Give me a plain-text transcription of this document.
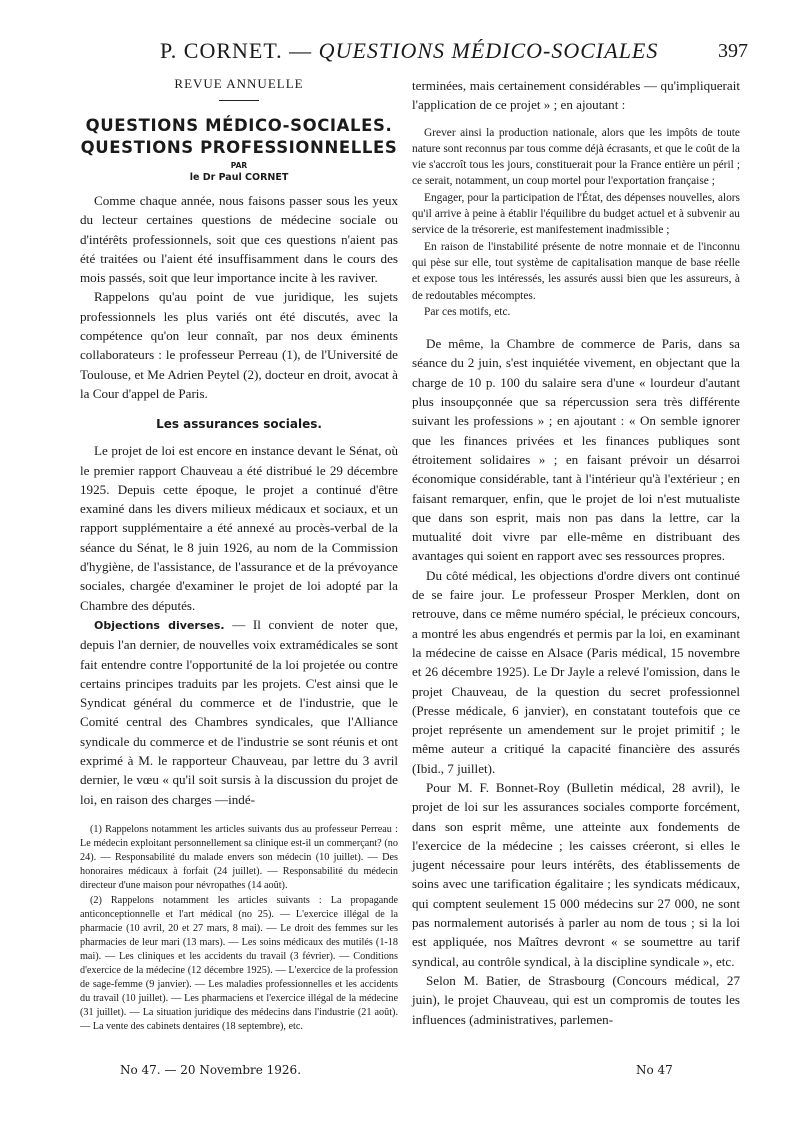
P. CORNET. — QUESTIONS MÉDICO-SOCIALES	397
REVUE ANNUELLE
QUESTIONS MÉDICO-SOCIALES. QUESTIONS PROFESSIONNELLES
PAR
le Dr Paul CORNET

Comme chaque année, nous faisons passer sous les yeux du lecteur certaines questions de médecine sociale ou d'intérêts professionnels, soit que ces questions n'aient pas été traitées ou l'aient été insuffisamment dans le cours des mois passés, soit que leur importance incite à les raviver.

Rappelons qu'au point de vue juridique, les sujets professionnels les plus variés ont été discutés, avec la compétence qu'on leur connaît, par nos deux éminents collaborateurs : le professeur Perreau (1), de l'Université de Toulouse, et Me Adrien Peytel (2), docteur en droit, avocat à la Cour d'appel de Paris.

Les assurances sociales.

Le projet de loi est encore en instance devant le Sénat, où le premier rapport Chauveau a été distribué le 29 décembre 1925. Depuis cette époque, le projet a continué d'être examiné dans les divers milieux médicaux et sociaux, et un rapport supplémentaire a été annexé au procès-verbal de la séance du Sénat, le 8 juin 1926, au nom de la Commission d'hygiène, de l'assistance, de l'assurance et de la prévoyance sociales, chargée d'examiner le projet de loi adopté par la Chambre des députés.

Objections diverses. — Il convient de noter que, depuis l'an dernier, de nouvelles voix extramédicales se sont fait entendre contre l'opportunité de la loi projetée ou contre certains principes traduits par les projets. C'est ainsi que le Syndicat général du commerce et de l'industrie, que le Comité central des Chambres syndicales, que l'Alliance syndicale du commerce et de l'industrie se sont réunis et ont exprimé à M. le rapporteur Chauveau, par lettre du 3 avril dernier, le vœu « qu'il soit sursis à la discussion du projet de loi, en raison des charges —indé-

(1) Rappelons notamment les articles suivants dus au professeur Perreau : Le médecin exploitant personnellement sa clinique est-il un commerçant? (no 24). — Responsabilité du malade envers son médecin (10 juillet). — Des honoraires médicaux à forfait (24 juillet). — Responsabilité du médecin directeur d'une maison pour névropathes (14 août).

(2) Rappelons notamment les articles suivants : La propagande anticonceptionnelle et l'art médical (no 25). — L'exercice illégal de la pharmacie (10 avril, 20 et 27 mars, 8 mai). — Le droit des femmes sur les pharmacies de leur mari (13 mars). — Les soins médicaux des mutilés (1-18 mai). — Les cliniques et les accidents du travail (3 février). — Conditions d'exercice de la médecine (12 décembre 1925). — L'exercice de la profession de sage-femme (9 janvier). — Les maladies professionnelles et les accidents du travail (10 juillet). — Les pharmaciens et l'exercice illégal de la médecine (31 juillet). — La situation juridique des médecins dans l'industrie (21 août). — La vente des cabinets dentaires (18 septembre), etc.

No 47. — 20 Novembre 1926.

terminées, mais certainement considérables — qu'impliquerait l'application de ce projet » ; en ajoutant :

Grever ainsi la production nationale, alors que les impôts de toute nature sont reconnus par tous comme déjà écrasants, et que le coût de la vie s'accroît tous les jours, constituerait pour la France entière un péril ; ce serait, notamment, un coup mortel pour l'exportation française ;

Engager, pour la participation de l'État, des dépenses nouvelles, alors qu'il arrive à peine à établir l'équilibre du budget actuel et à subvenir au service de la trésorerie, est manifestement inadmissible ;

En raison de l'instabilité présente de notre monnaie et de l'inconnu qui pèse sur elle, tout système de capitalisation manque de base réelle et expose tous les intéressés, les assurés aussi bien que les assureurs, à de redoutables mécomptes.

Par ces motifs, etc.

De même, la Chambre de commerce de Paris, dans sa séance du 2 juin, s'est inquiétée vivement, en objectant que la charge de 10 p. 100 du salaire sera d'une « lourdeur d'autant plus insoupçonnée que sa répercussion sera très différente suivant les professions » ; en ajoutant : « On semble ignorer que les finances privées et les finances publiques sont étroitement solidaires » ; en faisant prévoir un désarroi économique considérable, tant à l'intérieur qu'à l'extérieur ; en faisant remarquer, enfin, que le projet de loi n'est mutualiste que dans son esprit, mais non pas dans la lettre, car la mutualité doit vivre par elle-même en distribuant des avantages qui soient en rapport avec ses ressources propres.

Du côté médical, les objections d'ordre divers ont continué de se faire jour. Le professeur Prosper Merklen, dont on retrouve, dans ce même numéro spécial, le précieux concours, a montré les abus engendrés et permis par la loi, en examinant la médecine de caisse en Alsace (Paris médical, 15 novembre et 26 décembre 1925). Le Dr Jayle a relevé l'omission, dans le projet Chauveau, de la question du secret professionnel (Presse médicale, 6 janvier), en constatant toutefois que ce projet représente un amendement sur le projet primitif ; le même auteur a critiqué la capacité financière des assurés (Ibid., 7 juillet).

Pour M. F. Bonnet-Roy (Bulletin médical, 28 avril), le projet de loi sur les assurances sociales comporte forcément, dans son esprit même, une atteinte aux fondements de l'exercice de la médecine ; les caisses créeront, si elles le jugent nécessaire pour leurs intérêts, des établissements de soins avec une tarification égalitaire ; les syndicats médicaux, qui comptent seulement 15 000 médecins sur 27 000, ne sont pas normalement autorisés à parler au nom de tous ; si la loi est appliquée, nos Maîtres devront « se soumettre au tarif syndical, au contrôle syndical, à la discipline syndicale », etc.

Selon M. Batier, de Strasbourg (Concours médical, 27 juin), le projet Chauveau, qui est un compromis de toutes les influences (administratives, parlemen-

No 47
